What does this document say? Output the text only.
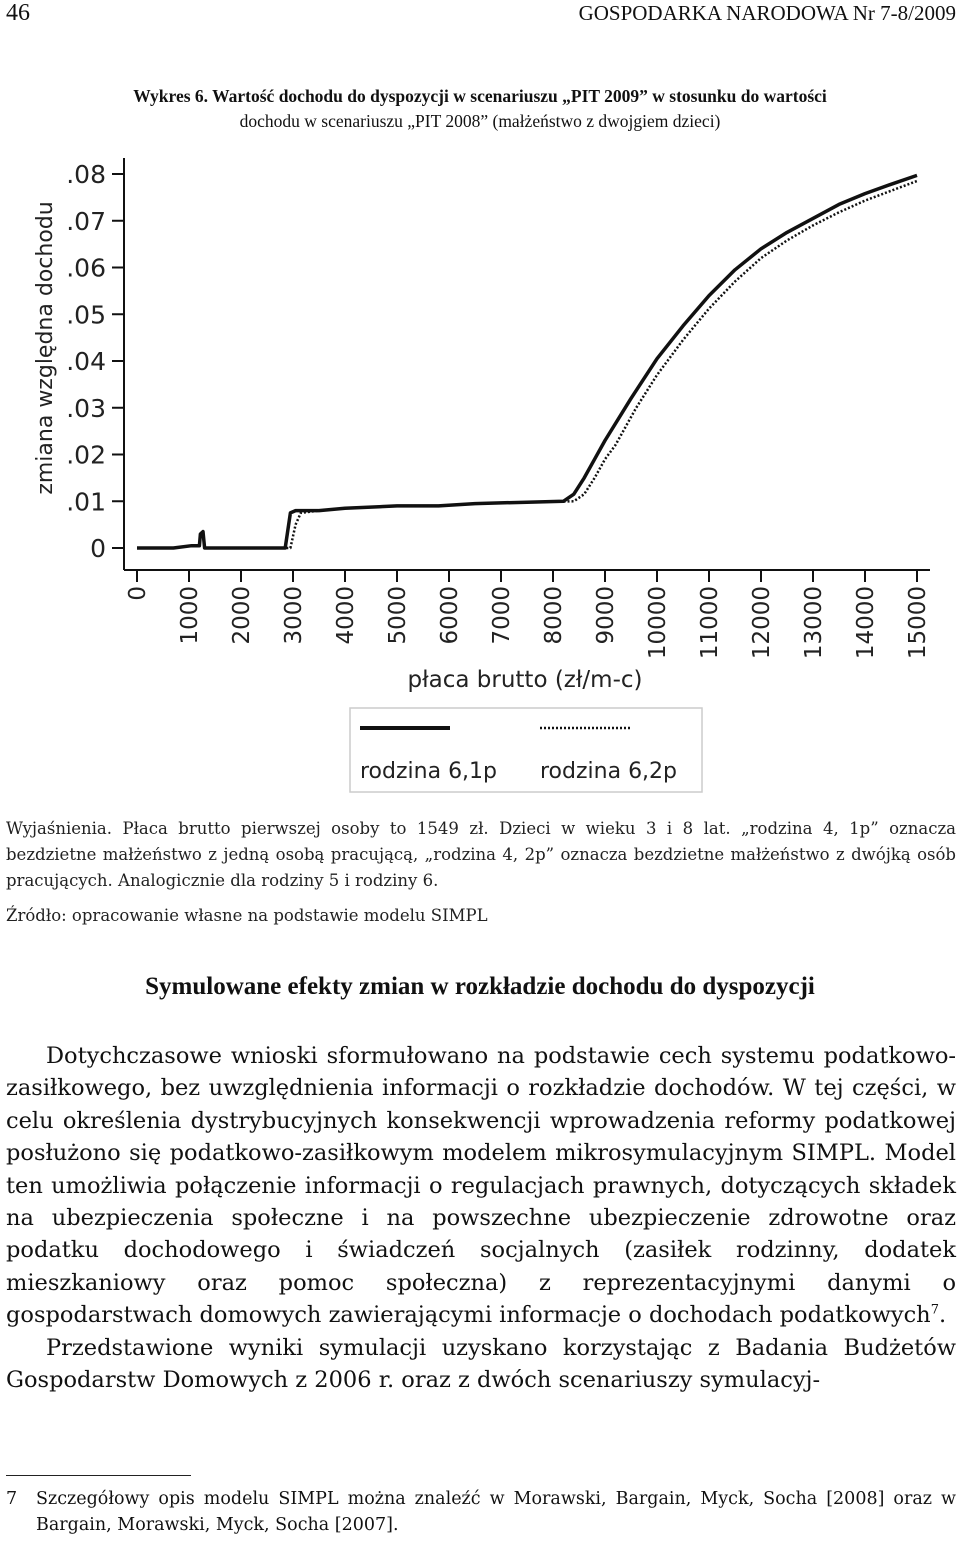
46	GOSPODARKA NARODOWA Nr 7-8/2009
Wykres 6. Wartość dochodu do dyspozycji w scenariuszu „PIT 2009” w stosunku do wartości
dochodu w scenariuszu „PIT 2008” (małżeństwo z dwojgiem dzieci)
0
.01
.02
.03
.04
.05
.06
.07
.08
0 1000 2000 3000 4000 5000 6000 7000 8000 9000 10000 11000 12000 13000 14000 15000
zmiana względna dochodu
płaca brutto (zł/m-c)
rodzina 6,1p rodzina 6,2p
Wyjaśnienia. Płaca brutto pierwszej osoby to 1549 zł. Dzieci w wieku 3 i 8 lat. „rodzina 4, 1p” oznacza bezdzietne małżeństwo z jedną osobą pracującą, „rodzina 4, 2p” oznacza bezdzietne małżeństwo z dwójką osób pracujących. Analogicznie dla rodziny 5 i rodziny 6.
Źródło: opracowanie własne na podstawie modelu SIMPL
Symulowane efekty zmian w rozkładzie dochodu do dyspozycji

Dotychczasowe wnioski sformułowano na podstawie cech systemu podatkowo-zasiłkowego, bez uwzględnienia informacji o rozkładzie dochodów. W tej części, w celu określenia dystrybucyjnych konsekwencji wprowadzenia reformy podatkowej posłużono się podatkowo-zasiłkowym modelem mikrosymulacyjnym SIMPL. Model ten umożliwia połączenie informacji o regulacjach prawnych, dotyczących składek na ubezpieczenia społeczne i na powszechne ubezpieczenie zdrowotne oraz podatku dochodowego i świadczeń socjalnych (zasiłek rodzinny, dodatek mieszkaniowy oraz pomoc społeczna) z reprezentacyjnymi danymi o gospodarstwach domowych zawierającymi informacje o dochodach podatkowych$^7$.

Przedstawione wyniki symulacji uzyskano korzystając z Badania Budżetów Gospodarstw Domowych z 2006 r. oraz z dwóch scenariuszy symulacyj-

7	Szczegółowy opis modelu SIMPL można znaleźć w Morawski, Bargain, Myck, Socha [2008] oraz w Bargain, Morawski, Myck, Socha [2007].
